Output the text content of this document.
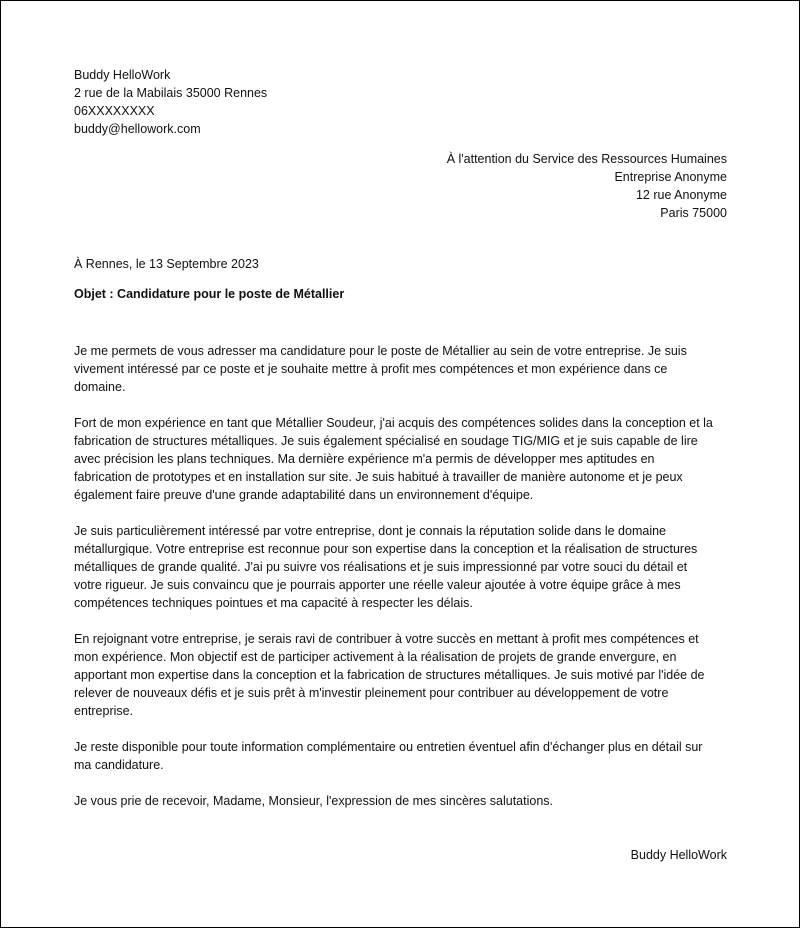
Buddy HelloWork
2 rue de la Mabilais 35000 Rennes
06XXXXXXXX
buddy@hellowork.com
À l'attention du Service des Ressources Humaines
Entreprise Anonyme
12 rue Anonyme
Paris 75000
À Rennes, le 13 Septembre 2023
Objet : Candidature pour le poste de Métallier

Je me permets de vous adresser ma candidature pour le poste de Métallier au sein de votre entreprise. Je suis
vivement intéressé par ce poste et je souhaite mettre à profit mes compétences et mon expérience dans ce
domaine.

Fort de mon expérience en tant que Métallier Soudeur, j'ai acquis des compétences solides dans la conception et la
fabrication de structures métalliques. Je suis également spécialisé en soudage TIG/MIG et je suis capable de lire
avec précision les plans techniques. Ma dernière expérience m'a permis de développer mes aptitudes en
fabrication de prototypes et en installation sur site. Je suis habitué à travailler de manière autonome et je peux
également faire preuve d'une grande adaptabilité dans un environnement d'équipe.

Je suis particulièrement intéressé par votre entreprise, dont je connais la réputation solide dans le domaine
métallurgique. Votre entreprise est reconnue pour son expertise dans la conception et la réalisation de structures
métalliques de grande qualité. J'ai pu suivre vos réalisations et je suis impressionné par votre souci du détail et
votre rigueur. Je suis convaincu que je pourrais apporter une réelle valeur ajoutée à votre équipe grâce à mes
compétences techniques pointues et ma capacité à respecter les délais.

En rejoignant votre entreprise, je serais ravi de contribuer à votre succès en mettant à profit mes compétences et
mon expérience. Mon objectif est de participer activement à la réalisation de projets de grande envergure, en
apportant mon expertise dans la conception et la fabrication de structures métalliques. Je suis motivé par l'idée de
relever de nouveaux défis et je suis prêt à m'investir pleinement pour contribuer au développement de votre
entreprise.

Je reste disponible pour toute information complémentaire ou entretien éventuel afin d'échanger plus en détail sur
ma candidature.

Je vous prie de recevoir, Madame, Monsieur, l'expression de mes sincères salutations.

Buddy HelloWork
